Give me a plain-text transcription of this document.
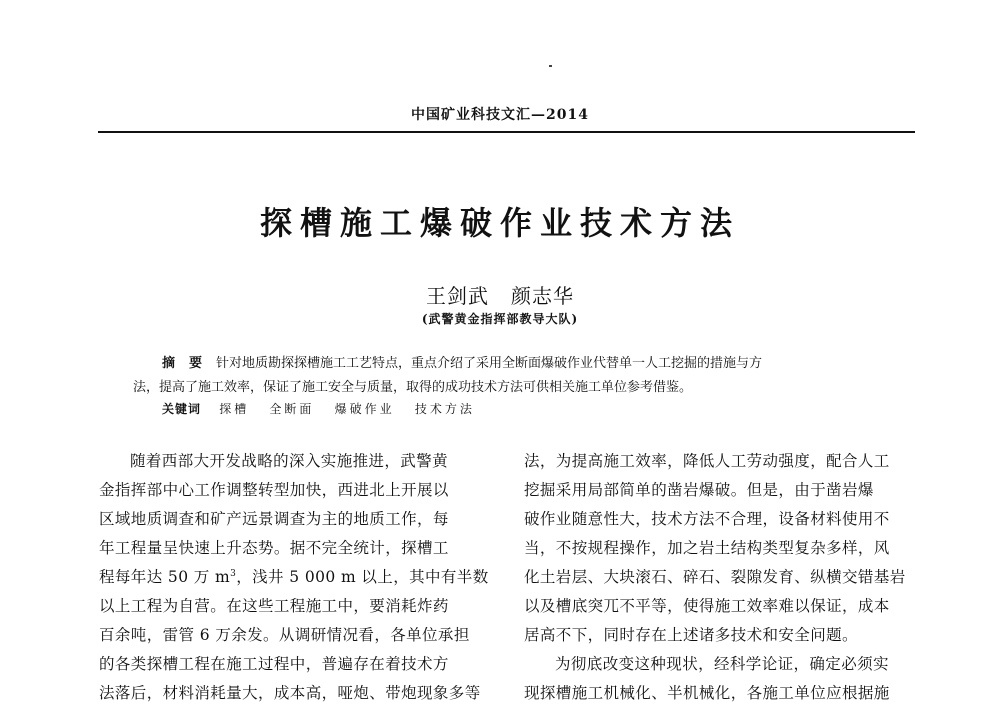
中国矿业科技文汇—2014
探槽施工爆破作业技术方法
王剑武 颜志华
(武警黄金指挥部教导大队)
摘要针对地质勘探探槽施工工艺特点，重点介绍了采用全断面爆破作业代替单一人工挖掘的措施与方
法，提高了施工效率，保证了施工安全与质量，取得的成功技术方法可供相关施工单位参考借鉴。
关键词 探槽 全断面 爆破作业 技术方法

随着西部大开发战略的深入实施推进，武警黄

金指挥部中心工作调整转型加快，西进北上开展以

区域地质调查和矿产远景调查为主的地质工作，每

年工程量呈快速上升态势。据不完全统计，探槽工

程每年达 50 万 $m^3$，浅井 5 000 m 以上，其中有半数

以上工程为自营。在这些工程施工中，要消耗炸药

百余吨，雷管 6 万余发。从调研情况看，各单位承担

的各类探槽工程在施工过程中，普遍存在着技术方

法落后，材料消耗量大，成本高，哑炮、带炮现象多等

法，为提高施工效率，降低人工劳动强度，配合人工

挖掘采用局部简单的凿岩爆破。但是，由于凿岩爆

破作业随意性大，技术方法不合理，设备材料使用不

当，不按规程操作，加之岩土结构类型复杂多样，风

化土岩层、大块滚石、碎石、裂隙发育、纵横交错基岩

以及槽底突兀不平等，使得施工效率难以保证，成本

居高不下，同时存在上述诸多技术和安全问题。

为彻底改变这种现状，经科学论证，确定必须实

现探槽施工机械化、半机械化，各施工单位应根据施
